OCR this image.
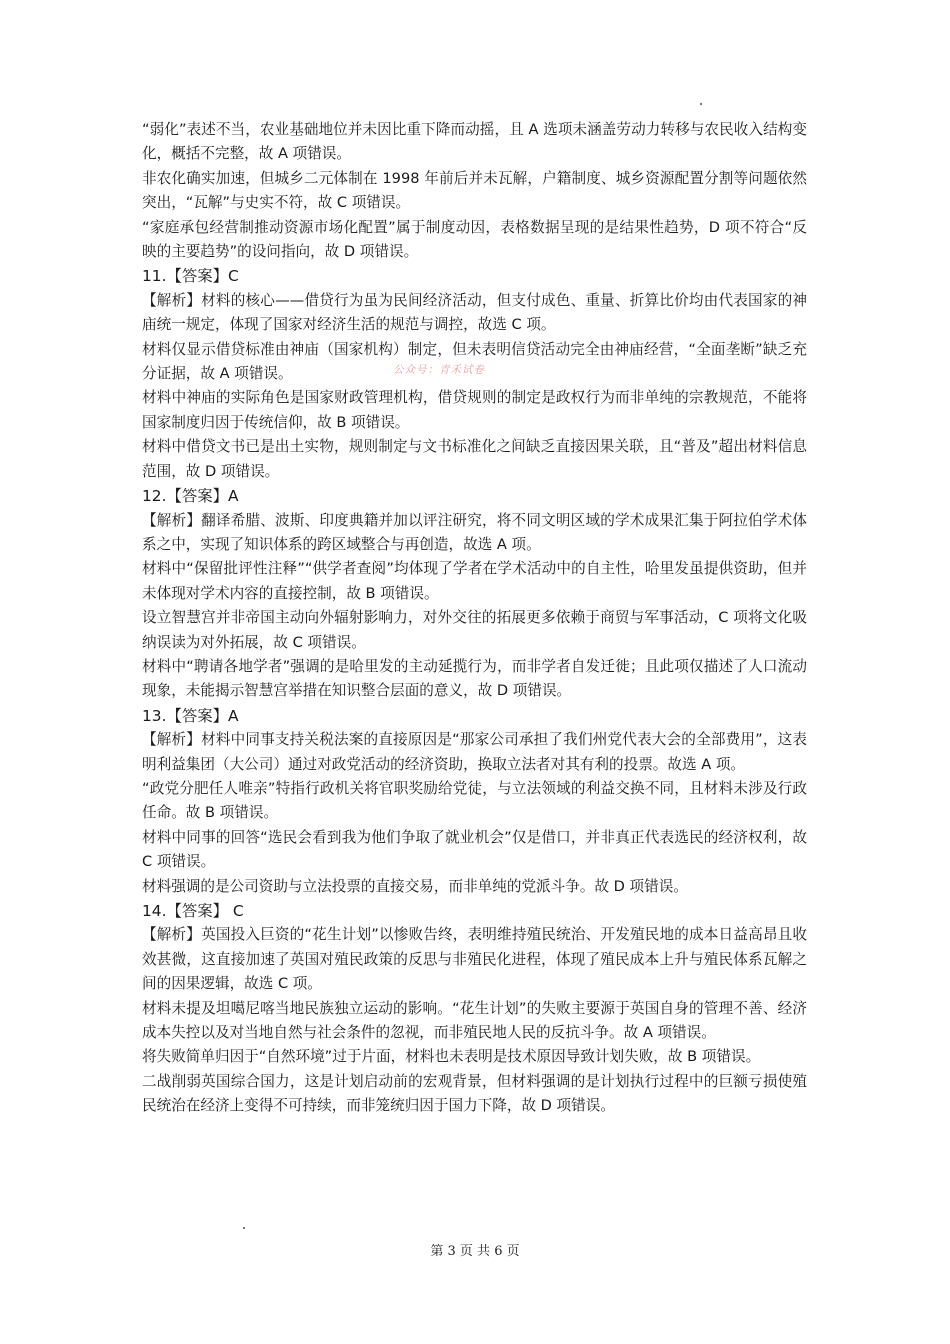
“弱化”表述不当，农业基础地位并未因比重下降而动摇，且 A 选项未涵盖劳动力转移与农民收入结构变化，概括不完整，故 A 项错误。

非农化确实加速，但城乡二元体制在 1998 年前后并未瓦解，户籍制度、城乡资源配置分割等问题依然突出，“瓦解”与史实不符，故 C 项错误。

“家庭承包经营制推动资源市场化配置”属于制度动因，表格数据呈现的是结果性趋势，D 项不符合“反映的主要趋势”的设问指向，故 D 项错误。

11.【答案】C

【解析】材料的核心——借贷行为虽为民间经济活动，但支付成色、重量、折算比价均由代表国家的神庙统一规定，体现了国家对经济生活的规范与调控，故选 C 项。

材料仅显示借贷标准由神庙（国家机构）制定，但未表明信贷活动完全由神庙经营，“全面垄断”缺乏充分证据，故 A 项错误。

材料中神庙的实际角色是国家财政管理机构，借贷规则的制定是政权行为而非单纯的宗教规范，不能将国家制度归因于传统信仰，故 B 项错误。

材料中借贷文书已是出土实物，规则制定与文书标准化之间缺乏直接因果关联，且“普及”超出材料信息范围，故 D 项错误。

12.【答案】A

【解析】翻译希腊、波斯、印度典籍并加以评注研究，将不同文明区域的学术成果汇集于阿拉伯学术体系之中，实现了知识体系的跨区域整合与再创造，故选 A 项。

材料中“保留批评性注释”“供学者查阅”均体现了学者在学术活动中的自主性，哈里发虽提供资助，但并未体现对学术内容的直接控制，故 B 项错误。

设立智慧宫并非帝国主动向外辐射影响力，对外交往的拓展更多依赖于商贸与军事活动，C 项将文化吸纳误读为对外拓展，故 C 项错误。

材料中“聘请各地学者”强调的是哈里发的主动延揽行为，而非学者自发迁徙；且此项仅描述了人口流动现象，未能揭示智慧宫举措在知识整合层面的意义，故 D 项错误。

13.【答案】A

【解析】材料中同事支持关税法案的直接原因是“那家公司承担了我们州党代表大会的全部费用”，这表明利益集团（大公司）通过对政党活动的经济资助，换取立法者对其有利的投票。故选 A 项。

“政党分肥任人唯亲”特指行政机关将官职奖励给党徒，与立法领域的利益交换不同，且材料未涉及行政任命。故 B 项错误。

材料中同事的回答“选民会看到我为他们争取了就业机会”仅是借口，并非真正代表选民的经济权利，故 C 项错误。

材料强调的是公司资助与立法投票的直接交易，而非单纯的党派斗争。故 D 项错误。

14.【答案】 C

【解析】英国投入巨资的“花生计划”以惨败告终，表明维持殖民统治、开发殖民地的成本日益高昂且收效甚微，这直接加速了英国对殖民政策的反思与非殖民化进程，体现了殖民成本上升与殖民体系瓦解之间的因果逻辑，故选 C 项。

材料未提及坦噶尼喀当地民族独立运动的影响。“花生计划”的失败主要源于英国自身的管理不善、经济成本失控以及对当地自然与社会条件的忽视，而非殖民地人民的反抗斗争。故 A 项错误。

将失败简单归因于“自然环境”过于片面，材料也未表明是技术原因导致计划失败，故 B 项错误。

二战削弱英国综合国力，这是计划启动前的宏观背景，但材料强调的是计划执行过程中的巨额亏损使殖民统治在经济上变得不可持续，而非笼统归因于国力下降，故 D 项错误。

公众号：青禾试卷
第 3 页 共 6 页
